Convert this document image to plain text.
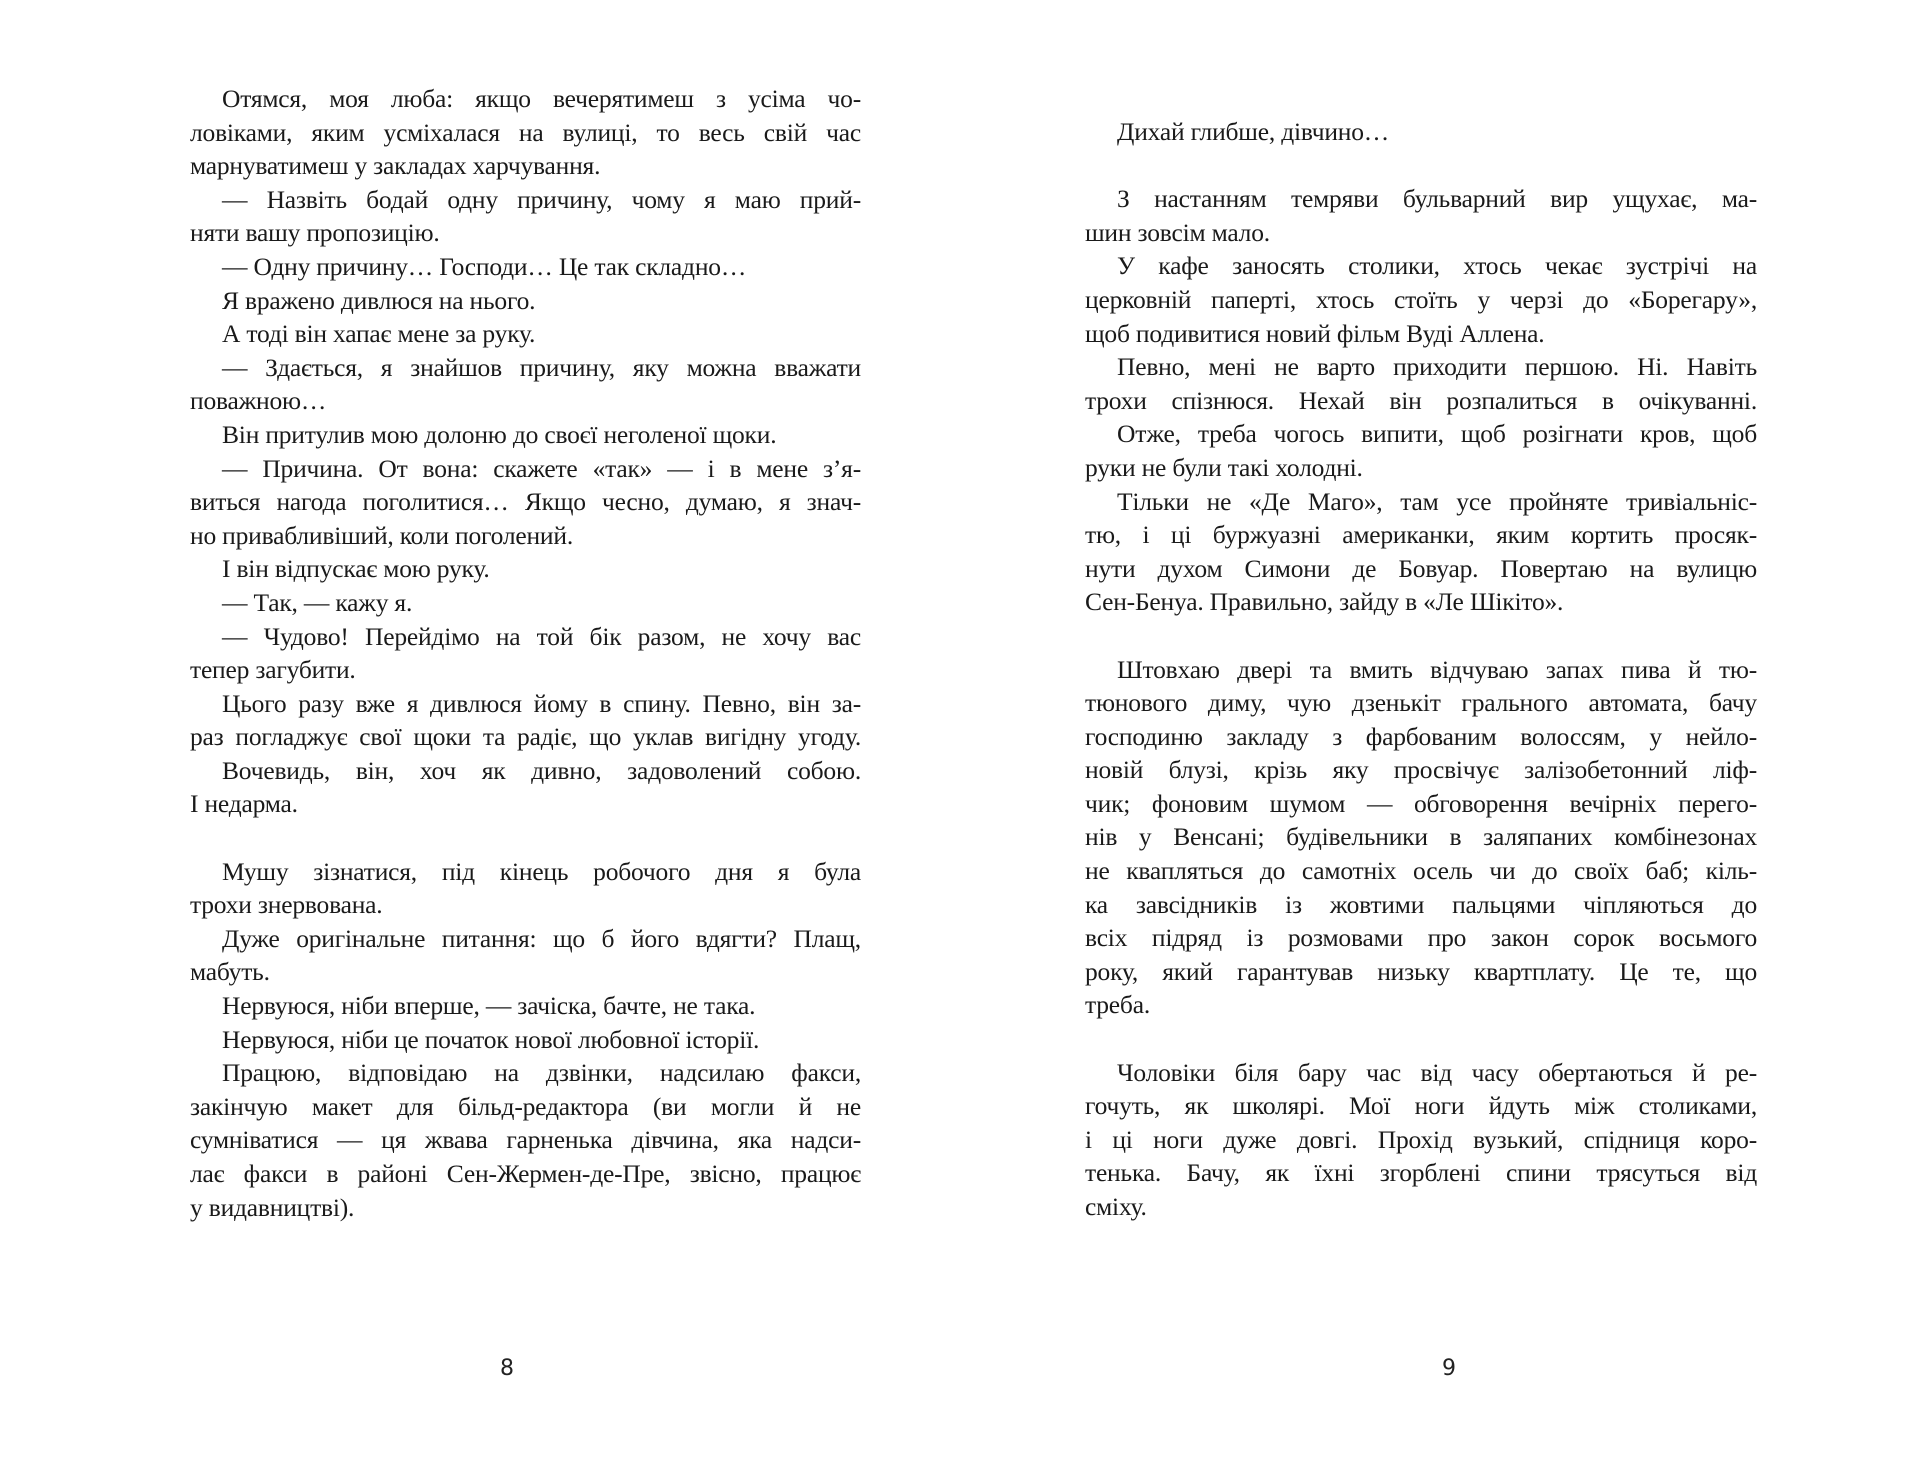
Отямся, моя люба: якщо вечерятимеш з усіма чо-
ловіками, яким усміхалася на вулиці, то весь свій час
марнуватимеш у закладах харчування.
— Назвіть бодай одну причину, чому я маю прий-
няти вашу пропозицію.
— Одну причину… Господи… Це так складно…
Я вражено дивлюся на нього.
А тоді він хапає мене за руку.
— Здається, я знайшов причину, яку можна вважати
поважною…
Він притулив мою долоню до своєї неголеної щоки.
— Причина. От вона: скажете «так» — і в мене з’я-
виться нагода поголитися… Якщо чесно, думаю, я знач-
но привабливіший, коли поголений.
І він відпускає мою руку.
— Так, — кажу я.
— Чудово! Перейдімо на той бік разом, не хочу вас
тепер загубити.
Цього разу вже я дивлюся йому в спину. Певно, він за-
раз погладжує свої щоки та радіє, що уклав вигідну угоду.
Вочевидь, він, хоч як дивно, задоволений собою.
І недарма.

Мушу зізнатися, під кінець робочого дня я була
трохи знервована.
Дуже оригінальне питання: що б його вдягти? Плащ,
мабуть.
Нервуюся, ніби вперше, — зачіска, бачте, не така.
Нервуюся, ніби це початок нової любовної історії.
Працюю, відповідаю на дзвінки, надсилаю факси,
закінчую макет для більд-редактора (ви могли й не
сумніватися — ця жвава гарненька дівчина, яка надси-
лає факси в районі Сен-Жермен-де-Пре, звісно, працює
у видавництві).
8
Дихай глибше, дівчино…

З настанням темряви бульварний вир ущухає, ма-
шин зовсім мало.
У кафе заносять столики, хтось чекає зустрічі на
церковній паперті, хтось стоїть у черзі до «Борегару»,
щоб подивитися новий фільм Вуді Аллена.
Певно, мені не варто приходити першою. Ні. Навіть
трохи спізнюся. Нехай він розпалиться в очікуванні.
Отже, треба чогось випити, щоб розігнати кров, щоб
руки не були такі холодні.
Тільки не «Де Маго», там усе пройняте тривіальніс-
тю, і ці буржуазні американки, яким кортить просяк-
нути духом Симони де Бовуар. Повертаю на вулицю
Сен-Бенуа. Правильно, зайду в «Ле Шікіто».

Штовхаю двері та вмить відчуваю запах пива й тю-
тюнового диму, чую дзенькіт грального автомата, бачу
господиню закладу з фарбованим волоссям, у нейло-
новій блузі, крізь яку просвічує залізобетонний ліф-
чик; фоновим шумом — обговорення вечірніх перего-
нів у Венсані; будівельники в заляпаних комбінезонах
не кваплятьcя до самотніх осель чи до своїх баб; кіль-
ка завсідників із жовтими пальцями чіпляються до
всіх підряд із розмовами про закон сорок восьмого
року, який гарантував низьку квартплату. Це те, що
треба.

Чоловіки біля бару час від часу обертаються й ре-
гочуть, як школярі. Мої ноги йдуть між столиками,
і ці ноги дуже довгі. Прохід вузький, спідниця коро-
тенька. Бачу, як їхні згорблені спини трясуться від
сміху.
9
